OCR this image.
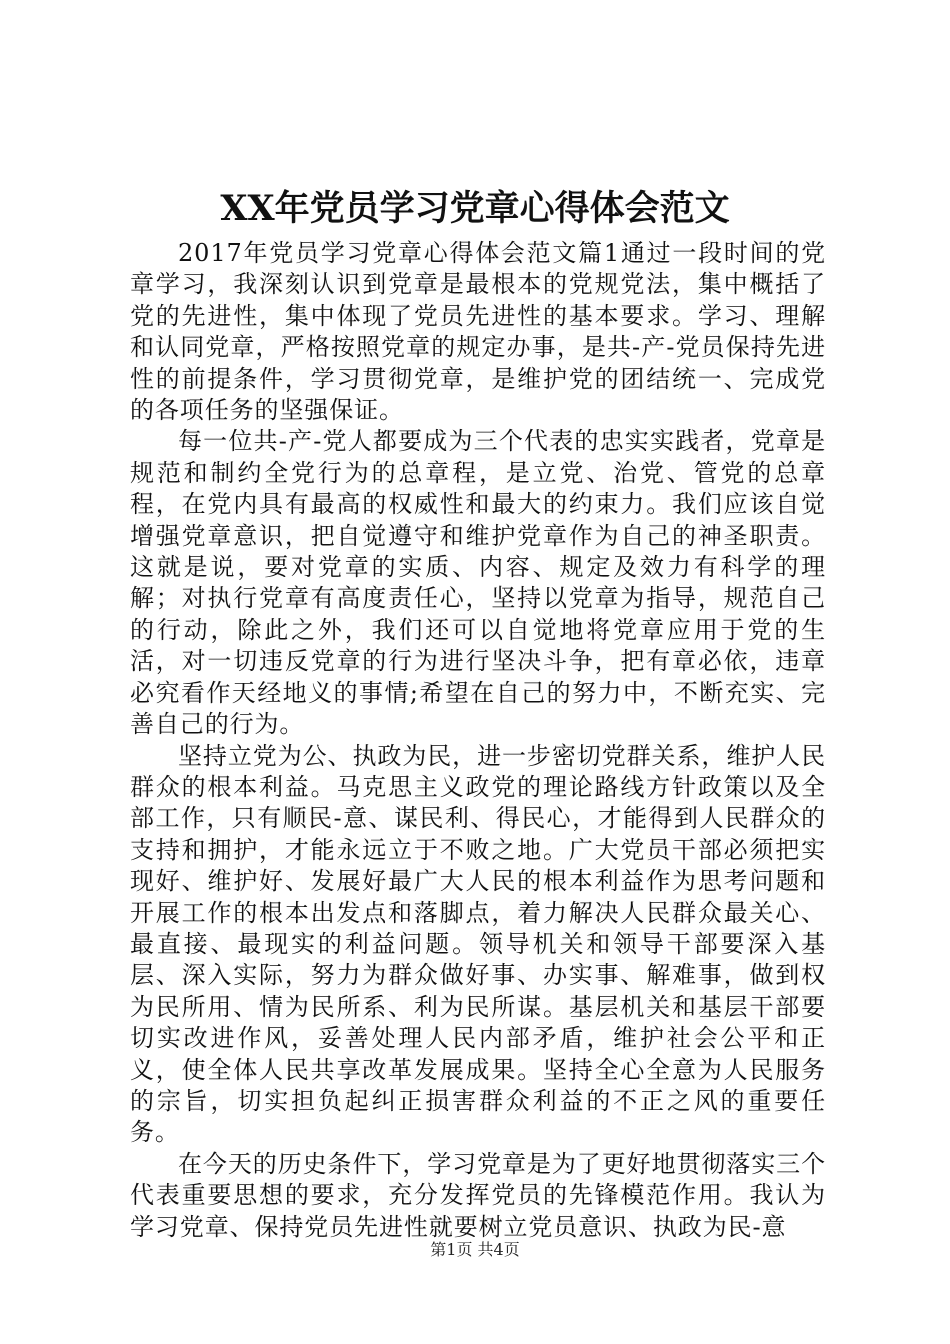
XX年党员学习党章心得体会范文

2017年党员学习党章心得体会范文篇1通过一段时间的党章学习，我深刻认识到党章是最根本的党规党法，集中概括了党的先进性，集中体现了党员先进性的基本要求。学习、理解和认同党章，严格按照党章的规定办事，是共-产-党员保持先进性的前提条件，学习贯彻党章，是维护党的团结统一、完成党的各项任务的坚强保证。

每一位共-产-党人都要成为三个代表的忠实实践者，党章是规范和制约全党行为的总章程，是立党、治党、管党的总章程，在党内具有最高的权威性和最大的约束力。我们应该自觉增强党章意识，把自觉遵守和维护党章作为自己的神圣职责。这就是说，要对党章的实质、内容、规定及效力有科学的理解；对执行党章有高度责任心，坚持以党章为指导，规范自己的行动，除此之外，我们还可以自觉地将党章应用于党的生活，对一切违反党章的行为进行坚决斗争，把有章必依，违章必究看作天经地义的事情;希望在自己的努力中，不断充实、完善自己的行为。

坚持立党为公、执政为民，进一步密切党群关系，维护人民群众的根本利益。马克思主义政党的理论路线方针政策以及全部工作，只有顺民-意、谋民利、得民心，才能得到人民群众的支持和拥护，才能永远立于不败之地。广大党员干部必须把实现好、维护好、发展好最广大人民的根本利益作为思考问题和开展工作的根本出发点和落脚点，着力解决人民群众最关心、最直接、最现实的利益问题。领导机关和领导干部要深入基层、深入实际，努力为群众做好事、办实事、解难事，做到权为民所用、情为民所系、利为民所谋。基层机关和基层干部要切实改进作风，妥善处理人民内部矛盾，维护社会公平和正义，使全体人民共享改革发展成果。坚持全心全意为人民服务的宗旨，切实担负起纠正损害群众利益的不正之风的重要任务。

在今天的历史条件下，学习党章是为了更好地贯彻落实三个代表重要思想的要求，充分发挥党员的先锋模范作用。我认为学习党章、保持党员先进性就要树立党员意识、执政为民-意

第1页 共4页
